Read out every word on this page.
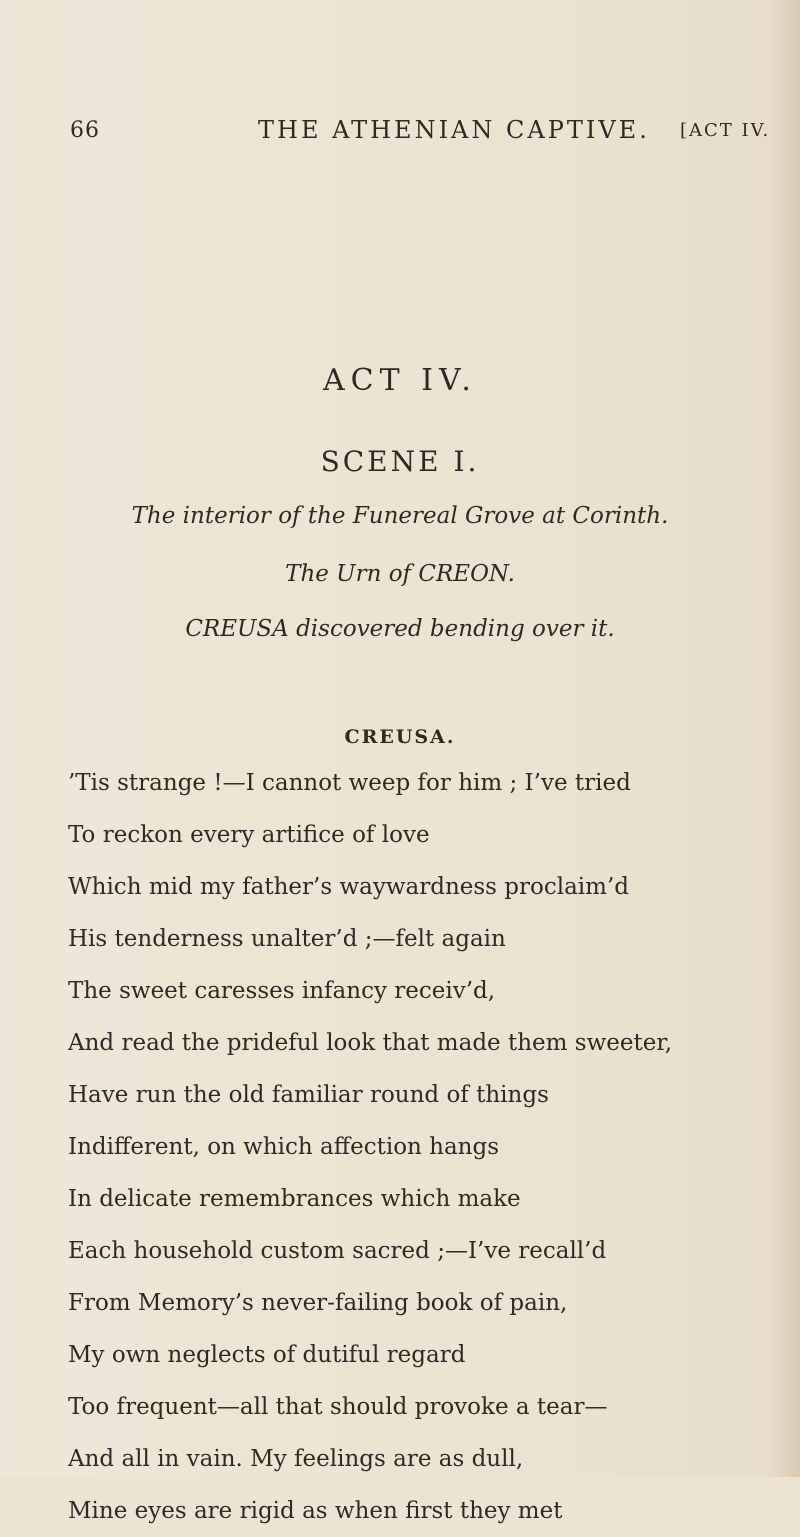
66	THE ATHENIAN CAPTIVE. [ACT IV.
ACT IV.
SCENE I.
The interior of the Funereal Grove at Corinth.
The Urn of CREON.
CREUSA discovered bending over it.
CREUSA.
’Tis strange !—I cannot weep for him ; I’ve tried
To reckon every artifice of love
Which mid my father’s waywardness proclaim’d
His tenderness unalter’d ;—felt again
The sweet caresses infancy receiv’d,
And read the prideful look that made them sweeter,
Have run the old familiar round of things
Indifferent, on which affection hangs
In delicate remembrances which make
Each household custom sacred ;—I’ve recall’d
From Memory’s never-failing book of pain,
My own neglects of dutiful regard
Too frequent—all that should provoke a tear—
And all in vain. My feelings are as dull,
Mine eyes are rigid as when first they met
